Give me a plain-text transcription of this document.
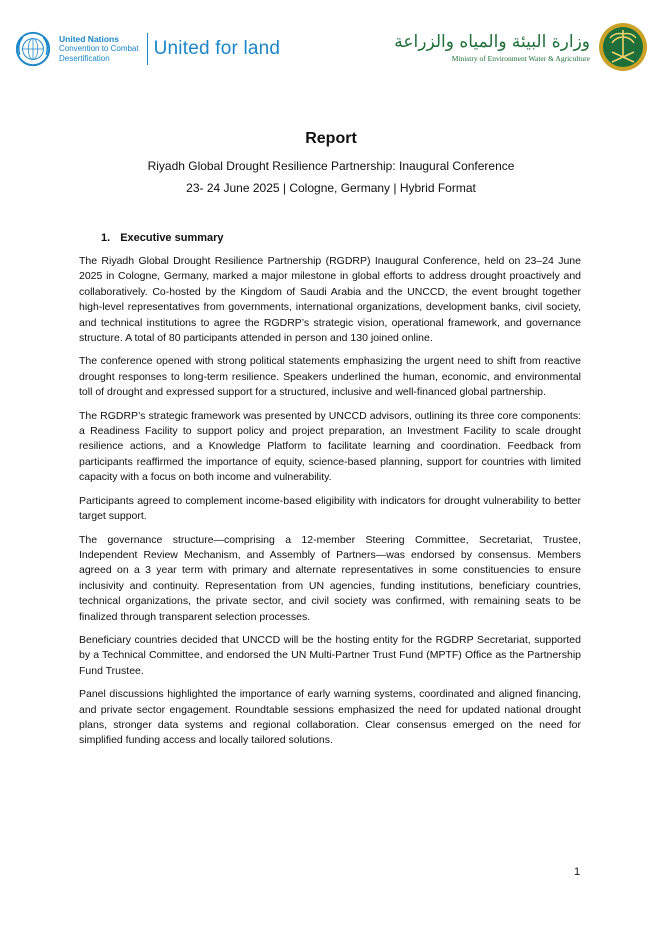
United Nations
Convention to Combat
Desertification	United for land	وزارة البيئة والمياه والزراعة
Ministry of Environment Water & Agriculture
Report
Riyadh Global Drought Resilience Partnership: Inaugural Conference
23- 24 June 2025 | Cologne, Germany | Hybrid Format
1. Executive summary

The Riyadh Global Drought Resilience Partnership (RGDRP) Inaugural Conference, held on 23–24 June 2025 in Cologne, Germany, marked a major milestone in global efforts to address drought proactively and collaboratively. Co-hosted by the Kingdom of Saudi Arabia and the UNCCD, the event brought together high-level representatives from governments, international organizations, development banks, civil society, and technical institutions to agree the RGDRP’s strategic vision, operational framework, and governance structure. A total of 80 participants attended in person and 130 joined online.

The conference opened with strong political statements emphasizing the urgent need to shift from reactive drought responses to long-term resilience. Speakers underlined the human, economic, and environmental toll of drought and expressed support for a structured, inclusive and well-financed global partnership.

The RGDRP’s strategic framework was presented by UNCCD advisors, outlining its three core components: a Readiness Facility to support policy and project preparation, an Investment Facility to scale drought resilience actions, and a Knowledge Platform to facilitate learning and coordination. Feedback from participants reaffirmed the importance of equity, science-based planning, support for countries with limited capacity with a focus on both income and vulnerability.

Participants agreed to complement income-based eligibility with indicators for drought vulnerability to better target support.

The governance structure—comprising a 12-member Steering Committee, Secretariat, Trustee, Independent Review Mechanism, and Assembly of Partners—was endorsed by consensus. Members agreed on a 3 year term with primary and alternate representatives in some constituencies to ensure inclusivity and continuity. Representation from UN agencies, funding institutions, beneficiary countries, technical organizations, the private sector, and civil society was confirmed, with remaining seats to be finalized through transparent selection processes.

Beneficiary countries decided that UNCCD will be the hosting entity for the RGDRP Secretariat, supported by a Technical Committee, and endorsed the UN Multi-Partner Trust Fund (MPTF) Office as the Partnership Fund Trustee.

Panel discussions highlighted the importance of early warning systems, coordinated and aligned financing, and private sector engagement. Roundtable sessions emphasized the need for updated national drought plans, stronger data systems and regional collaboration. Clear consensus emerged on the need for simplified funding access and locally tailored solutions.

1
